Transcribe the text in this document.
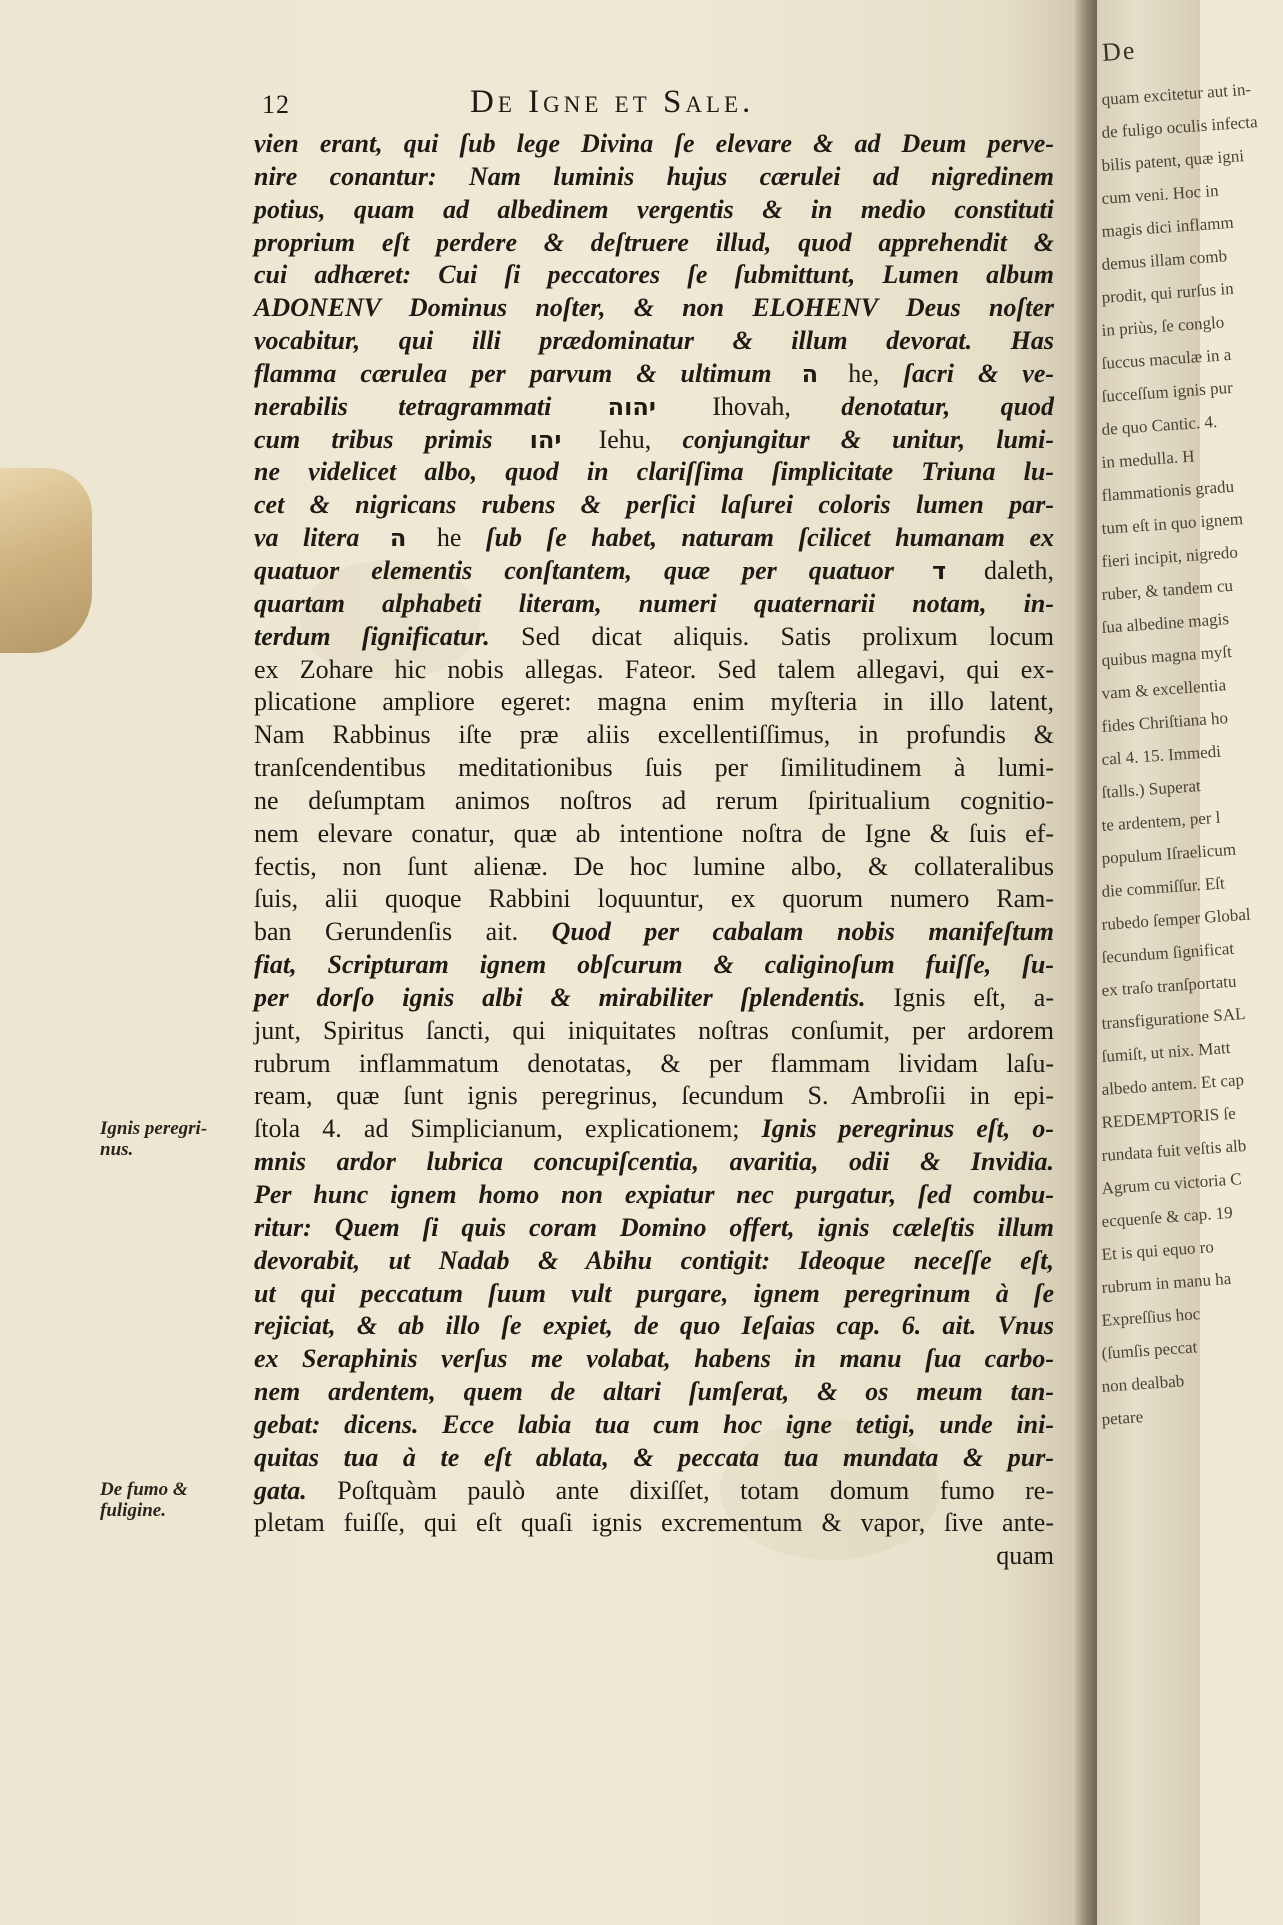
12	De Igne et Sale.
vien erant, qui ſub lege Divina ſe elevare & ad Deum perve-
nire conantur: Nam luminis hujus cærulei ad nigredinem
potius, quam ad albedinem vergentis & in medio constituti
proprium eſt perdere & deſtruere illud, quod apprehendit &
cui adhæret: Cui ſi peccatores ſe ſubmittunt, Lumen album
ADONENV Dominus noſter, & non ELOHENV Deus noſter
vocabitur, qui illi prædominatur & illum devorat. Has
flamma cærulea per parvum & ultimum ה he, ſacri & ve-
nerabilis tetragrammati יהוה Ihovah, denotatur, quod
cum tribus primis יהו Iehu, conjungitur & unitur, lumi-
ne videlicet albo, quod in clariſſima ſimplicitate Triuna lu-
cet & nigricans rubens & perſici laſurei coloris lumen par-
va litera ה he ſub ſe habet, naturam ſcilicet humanam ex
quatuor elementis conſtantem, quæ per quatuor ד daleth,
quartam alphabeti literam, numeri quaternarii notam, in-
terdum ſignificatur. Sed dicat aliquis. Satis prolixum locum
ex Zohare hic nobis allegas. Fateor. Sed talem allegavi, qui ex-
plicatione ampliore egeret: magna enim myſteria in illo latent,
Nam Rabbinus iſte præ aliis excellentiſſimus, in profundis &
tranſcendentibus meditationibus ſuis per ſimilitudinem à lumi-
ne deſumptam animos noſtros ad rerum ſpiritualium cognitio-
nem elevare conatur, quæ ab intentione noſtra de Igne & ſuis ef-
fectis, non ſunt alienæ. De hoc lumine albo, & collateralibus
ſuis, alii quoque Rabbini loquuntur, ex quorum numero Ram-
ban Gerundenſis ait. Quod per cabalam nobis manifeſtum
fiat, Scripturam ignem obſcurum & caliginoſum fuiſſe, ſu-
per dorſo ignis albi & mirabiliter ſplendentis. Ignis eſt, a-
junt, Spiritus ſancti, qui iniquitates noſtras conſumit, per ardorem
rubrum inflammatum denotatas, & per flammam lividam laſu-
ream, quæ ſunt ignis peregrinus, ſecundum S. Ambroſii in epi-
ſtola 4. ad Simplicianum, explicationem; Ignis peregrinus eſt, o-
mnis ardor lubrica concupiſcentia, avaritia, odii & Invidia.
Per hunc ignem homo non expiatur nec purgatur, ſed combu-
ritur: Quem ſi quis coram Domino offert, ignis cæleſtis illum
devorabit, ut Nadab & Abihu contigit: Ideoque neceſſe eſt,
ut qui peccatum ſuum vult purgare, ignem peregrinum à ſe
rejiciat, & ab illo ſe expiet, de quo Ieſaias cap. 6. ait. Vnus
ex Seraphinis verſus me volabat, habens in manu ſua carbo-
nem ardentem, quem de altari ſumſerat, & os meum tan-
gebat: dicens. Ecce labia tua cum hoc igne tetigi, unde ini-
quitas tua à te eſt ablata, & peccata tua mundata & pur-
gata. Poſtquàm paulò ante dixiſſet, totam domum fumo re-
pletam fuiſſe, qui eſt quaſi ignis excrementum & vapor, ſive ante-
quam
Ignis peregri-
nus.
De fumo &
fuligine.
De
quam excitetur aut in-
de fuligo oculis infecta
bilis patent, quæ igni
cum veni. Hoc in
magis dici inflamm
demus illam comb
prodit, qui rurſus in
in priùs, ſe conglo
ſuccus maculæ in a
ſucceſſum ignis pur
de quo Cantic. 4.
in medulla. H
flammationis gradu
tum eſt in quo ignem
fieri incipit, nigredo
ruber, & tandem cu
ſua albedine magis
quibus magna myſt
vam & excellentia
fides Chriſtiana ho
cal 4. 15. Immedi
ſtalls.) Superat
te ardentem, per l
populum Iſraelicum
die commiſſur. Eſt
rubedo ſemper Global
ſecundum ſignificat
ex traſo tranſportatu
transfiguratione SAL
ſumiſt, ut nix. Matt
albedo antem. Et cap
REDEMPTORIS ſe
rundata fuit veſtis alb
Agrum cu victoria C
ecquenſe & cap. 19
Et is qui equo ro
rubrum in manu ha
Expreſſius hoc
(ſumſis peccat
non dealbab
petare
